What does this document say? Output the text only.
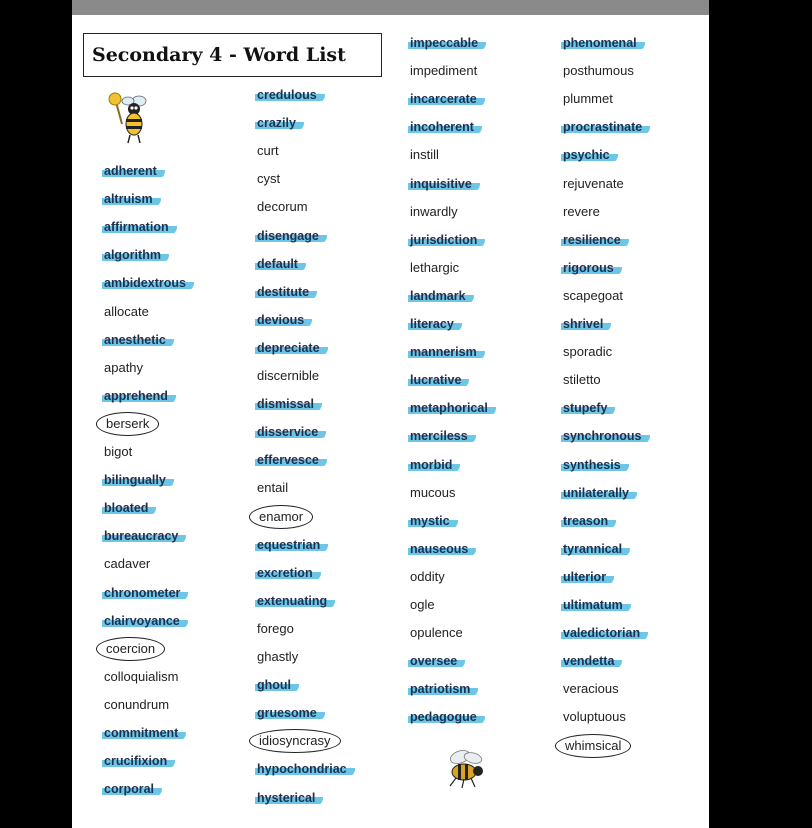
Secondary 4 - Word List
adherent
altruism
affirmation
algorithm
ambidextrous
allocate
anesthetic
apathy
apprehend
berserk
bigot
bilingually
bloated
bureaucracy
cadaver
chronometer
clairvoyance
coercion
colloquialism
conundrum
commitment
crucifixion
corporal
credulous
crazily
curt
cyst
decorum
disengage
default
destitute
devious
depreciate
discernible
dismissal
disservice
effervesce
entail
enamor
equestrian
excretion
extenuating
forego
ghastly
ghoul
gruesome
idiosyncrasy
hypochondriac
hysterical
impeccable
impediment
incarcerate
incoherent
instill
inquisitive
inwardly
jurisdiction
lethargic
landmark
literacy
mannerism
lucrative
metaphorical
merciless
morbid
mucous
mystic
nauseous
oddity
ogle
opulence
oversee
patriotism
pedagogue
phenomenal
posthumous
plummet
procrastinate
psychic
rejuvenate
revere
resilience
rigorous
scapegoat
shrivel
sporadic
stiletto
stupefy
synchronous
synthesis
unilaterally
treason
tyrannical
ulterior
ultimatum
valedictorian
vendetta
veracious
voluptuous
whimsical
